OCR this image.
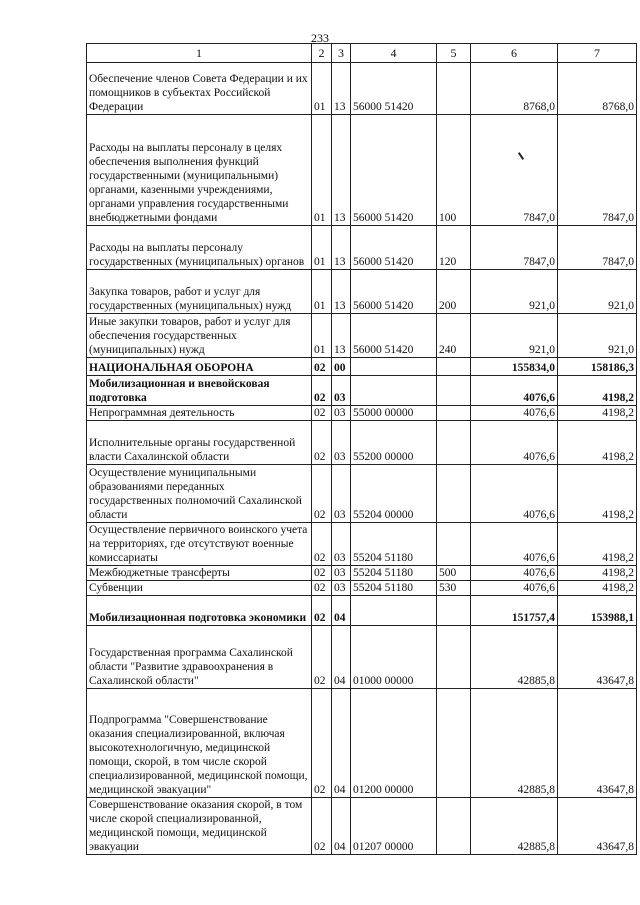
233
1	2	3	4	5	6	7
Обеспечение членов Совета Федерации и их помощников в субъектах Российской Федерации	01	13	56000 51420		8768,0	8768,0
Расходы на выплаты персоналу в целях обеспечения выполнения функций государственными (муниципальными) органами, казенными учреждениями, органами управления государственными внебюджетными фондами	01	13	56000 51420	100	7847,0	7847,0
Расходы на выплаты персоналу государственных (муниципальных) органов	01	13	56000 51420	120	7847,0	7847,0
Закупка товаров, работ и услуг для государственных (муниципальных) нужд	01	13	56000 51420	200	921,0	921,0
Иные закупки товаров, работ и услуг для обеспечения государственных (муниципальных) нужд	01	13	56000 51420	240	921,0	921,0
НАЦИОНАЛЬНАЯ ОБОРОНА	02	00			155834,0	158186,3
Мобилизационная и вневойсковая подготовка	02	03			4076,6	4198,2
Непрограммная деятельность	02	03	55000 00000		4076,6	4198,2
Исполнительные органы государственной власти Сахалинской области	02	03	55200 00000		4076,6	4198,2
Осуществление муниципальными образованиями переданных государственных полномочий Сахалинской области	02	03	55204 00000		4076,6	4198,2
Осуществление первичного воинского учета на территориях, где отсутствуют военные комиссариаты	02	03	55204 51180		4076,6	4198,2
Межбюджетные трансферты	02	03	55204 51180	500	4076,6	4198,2
Субвенции	02	03	55204 51180	530	4076,6	4198,2
Мобилизационная подготовка экономики	02	04			151757,4	153988,1
Государственная программа Сахалинской области "Развитие здравоохранения в Сахалинской области"	02	04	01000 00000		42885,8	43647,8
Подпрограмма "Совершенствование оказания специализированной, включая высокотехнологичную, медицинской помощи, скорой, в том числе скорой специализированной, медицинской помощи, медицинской эвакуации"	02	04	01200 00000		42885,8	43647,8
Совершенствование оказания скорой, в том числе скорой специализированной, медицинской помощи, медицинской эвакуации	02	04	01207 00000		42885,8	43647,8
